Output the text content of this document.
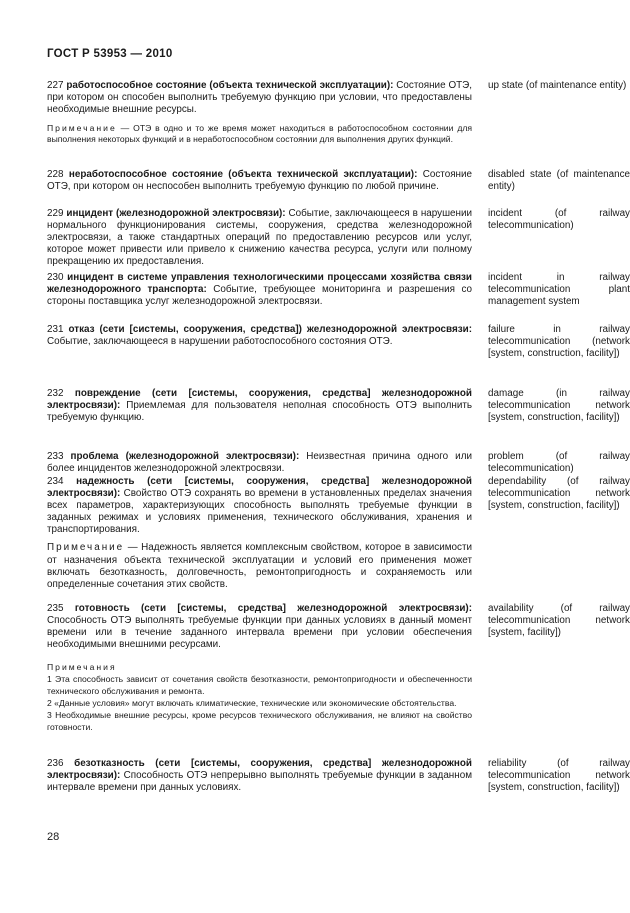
ГОСТ Р 53953 — 2010

227 работоспособное состояние (объекта технической эксплуатации): Состояние ОТЭ, при котором он способен выполнить требуемую функцию при условии, что предоставлены необходимые внешние ресурсы.

Примечание — ОТЭ в одно и то же время может находиться в работоспособном состоянии для выполнения некоторых функций и в неработоспособном состоянии для выполнения других функций.

up state (of maintenance entity)

228 неработоспособное состояние (объекта технической эксплуатации): Состояние ОТЭ, при котором он неспособен выполнить требуемую функцию по любой причине.

disabled state (of maintenance entity)

229 инцидент (железнодорожной электросвязи): Событие, заключающееся в нарушении нормального функционирования системы, сооружения, средства железнодорожной электросвязи, а также стандартных операций по предоставлению ресурсов или услуг, которое может привести или привело к снижению качества ресурса, услуги или полному прекращению их предоставления.

incident (of railway telecommunication)

230 инцидент в системе управления технологическими процессами хозяйства связи железнодорожного транспорта: Событие, требующее мониторинга и разрешения со стороны поставщика услуг железнодорожной электросвязи.

incident in railway telecommunication plant management system

231 отказ (сети [системы, сооружения, средства]) железнодорожной электросвязи: Событие, заключающееся в нарушении работоспособного состояния ОТЭ.

failure in railway telecommunication (network [system, construction, facility])

232 повреждение (сети [системы, сооружения, средства] железнодорожной электросвязи): Приемлемая для пользователя неполная способность ОТЭ выполнить требуемую функцию.

damage (in railway telecommunication network [system, construction, facility])

233 проблема (железнодорожной электросвязи): Неизвестная причина одного или более инцидентов железнодорожной электросвязи.

problem (of railway telecommunication)

234 надежность (сети [системы, сооружения, средства] железнодорожной электросвязи): Свойство ОТЭ сохранять во времени в установленных пределах значения всех параметров, характеризующих способность выполнять требуемые функции в заданных режимах и условиях применения, технического обслуживания, хранения и транспортирования.

Примечание — Надежность является комплексным свойством, которое в зависимости от назначения объекта технической эксплуатации и условий его применения может включать безотказность, долговечность, ремонтопригодность и сохраняемость или определенные сочетания этих свойств.

dependability (of railway telecommunication network [system, construction, facility])

235 готовность (сети [системы, средства] железнодорожной электросвязи): Способность ОТЭ выполнять требуемые функции при данных условиях в данный момент времени или в течение заданного интервала времени при условии обеспечения необходимыми внешними ресурсами.

availability (of railway telecommunication network [system, facility])

Примечания

1 Эта способность зависит от сочетания свойств безотказности, ремонтопригодности и обеспеченности технического обслуживания и ремонта.

2 «Данные условия» могут включать климатические, технические или экономические обстоятельства.

3 Необходимые внешние ресурсы, кроме ресурсов технического обслуживания, не влияют на свойство готовности.

236 безотказность (сети [системы, сооружения, средства] железнодорожной электросвязи): Способность ОТЭ непрерывно выполнять требуемые функции в заданном интервале времени при данных условиях.

reliability (of railway telecommunication network [system, construction, facility])
28
